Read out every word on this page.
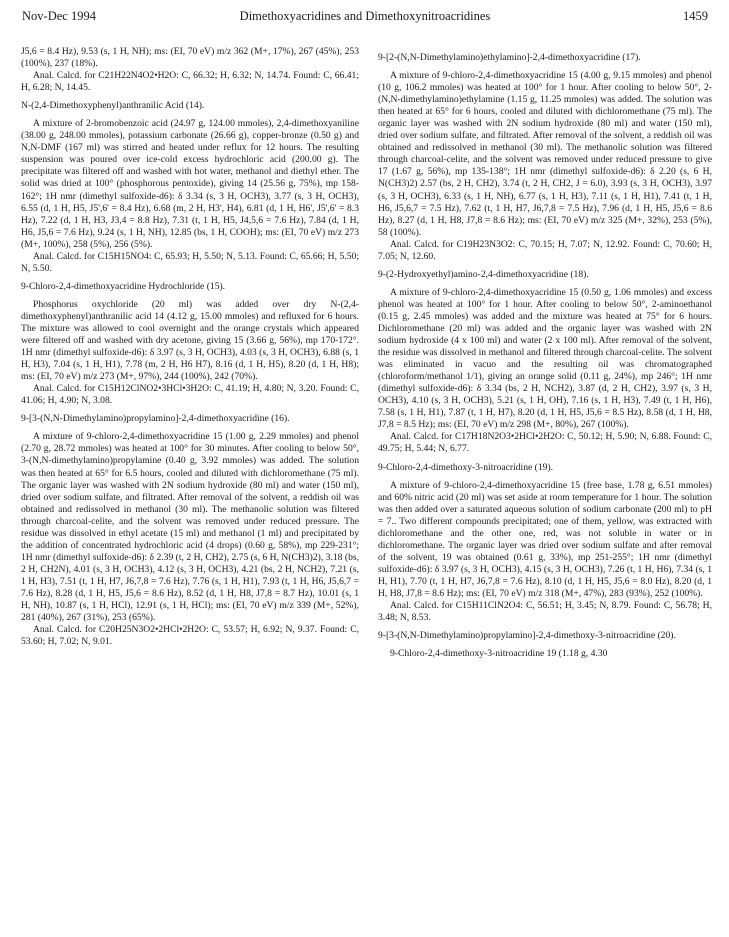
Nov-Dec 1994	Dimethoxyacridines and Dimethoxynitroacridines	1459

J5,6 = 8.4 Hz), 9.53 (s, 1 H, NH); ms: (EI, 70 eV) m/z 362 (M+, 17%), 267 (45%), 253 (100%), 237 (18%).

Anal. Calcd. for C21H22N4O2•H2O: C, 66.32; H, 6.32; N, 14.74. Found: C, 66.41; H, 6.28; N, 14.45.

N-(2,4-Dimethoxyphenyl)anthranilic Acid (14).

A mixture of 2-bromobenzoic acid (24.97 g, 124.00 mmoles), 2,4-dimethoxyaniline (38.00 g, 248.00 mmoles), potassium carbonate (26.66 g), copper-bronze (0.50 g) and N,N-DMF (167 ml) was stirred and heated under reflux for 12 hours. The resulting suspension was poured over ice-cold excess hydrochloric acid (200.00 g). The precipitate was filtered off and washed with hot water, methanol and diethyl ether. The solid was dried at 100° (phosphorous pentoxide), giving 14 (25.56 g, 75%), mp 158-162°; 1H nmr (dimethyl sulfoxide-d6): δ 3.34 (s, 3 H, OCH3), 3.77 (s, 3 H, OCH3), 6.55 (d, 1 H, H5, J5',6' = 8.4 Hz), 6.68 (m, 2 H, H3', H4), 6.81 (d, 1 H, H6', J5',6' = 8.3 Hz), 7.22 (d, 1 H, H3, J3,4 = 8.8 Hz), 7.31 (t, 1 H, H5, J4,5,6 = 7.6 Hz), 7.84 (d, 1 H, H6, J5,6 = 7.6 Hz), 9.24 (s, 1 H, NH), 12.85 (bs, 1 H, COOH); ms: (EI, 70 eV) m/z 273 (M+, 100%), 258 (5%), 256 (5%).

Anal. Calcd. for C15H15NO4: C, 65.93; H, 5.50; N, 5.13. Found: C, 65.66; H, 5.50; N, 5.50.

9-Chloro-2,4-dimethoxyacridine Hydrochloride (15).

Phosphorus oxychloride (20 ml) was added over dry N-(2,4-dimethoxyphenyl)anthranilic acid 14 (4.12 g, 15.00 mmoles) and refluxed for 6 hours. The mixture was allowed to cool overnight and the orange crystals which appeared were filtered off and washed with dry acetone, giving 15 (3.66 g, 56%), mp 170-172°. 1H nmr (dimethyl sulfoxide-d6): δ 3.97 (s, 3 H, OCH3), 4.03 (s, 3 H, OCH3), 6.88 (s, 1 H, H3), 7.04 (s, 1 H, H1), 7.78 (m, 2 H, H6 H7), 8.16 (d, 1 H, H5), 8.20 (d, 1 H, H8); ms: (EI, 70 eV) m/z 273 (M+, 97%), 244 (100%), 242 (70%).

Anal. Calcd. for C15H12ClNO2•3HCl•3H2O: C, 41.19; H, 4.80; N, 3.20. Found: C, 41.06; H, 4.90; N, 3.08.

9-[3-(N,N-Dimethylamino)propylamino]-2,4-dimethoxyacridine (16).

A mixture of 9-chloro-2,4-dimethoxyacridine 15 (1.00 g, 2.29 mmoles) and phenol (2.70 g, 28.72 mmoles) was heated at 100° for 30 minutes. After cooling to below 50°, 3-(N,N-dimethylamino)propylamine (0.40 g, 3.92 mmoles) was added. The solution was then heated at 65° for 6.5 hours, cooled and diluted with dichloromethane (75 ml). The organic layer was washed with 2N sodium hydroxide (80 ml) and water (150 ml), dried over sodium sulfate, and filtrated. After removal of the solvent, a reddish oil was obtained and redissolved in methanol (30 ml). The methanolic solution was filtered through charcoal-celite, and the solvent was removed under reduced pressure. The residue was dissolved in ethyl acetate (15 ml) and methanol (1 ml) and precipitated by the addition of concentrated hydrochloric acid (4 drops) (0.60 g, 58%), mp 229-231°; 1H nmr (dimethyl sulfoxide-d6): δ 2.39 (t, 2 H, CH2), 2.75 (s, 6 H, N(CH3)2), 3.18 (bs, 2 H, CH2N), 4.01 (s, 3 H, OCH3), 4.12 (s, 3 H, OCH3), 4.21 (bs, 2 H, NCH2), 7.21 (s, 1 H, H3), 7.51 (t, 1 H, H7, J6,7,8 = 7.6 Hz), 7.76 (s, 1 H, H1), 7.93 (t, 1 H, H6, J5,6,7 = 7.6 Hz), 8.28 (d, 1 H, H5, J5,6 = 8.6 Hz), 8.52 (d, 1 H, H8, J7,8 = 8.7 Hz), 10.01 (s, 1 H, NH), 10.87 (s, 1 H, HCl), 12.91 (s, 1 H, HCl); ms: (EI, 70 eV) m/z 339 (M+, 52%), 281 (40%), 267 (31%), 253 (65%).

Anal. Calcd. for C20H25N3O2•2HCl•2H2O: C, 53.57; H, 6.92; N, 9.37. Found: C, 53.60; H, 7.02; N, 9.01.

9-[2-(N,N-Dimethylamino)ethylamino]-2,4-dimethoxyacridine (17).

A mixture of 9-chloro-2,4-dimethoxyacridine 15 (4.00 g, 9.15 mmoles) and phenol (10 g, 106.2 mmoles) was heated at 100° for 1 hour. After cooling to below 50°, 2-(N,N-dimethylamino)ethylamine (1.15 g, 11.25 mmoles) was added. The solution was then heated at 65° for 6 hours, cooled and diluted with dichloromethane (75 ml). The organic layer was washed with 2N sodium hydroxide (80 ml) and water (150 ml), dried over sodium sulfate, and filtrated. After removal of the solvent, a reddish oil was obtained and redissolved in methanol (30 ml). The methanolic solution was filtered through charcoal-celite, and the solvent was removed under reduced pressure to give 17 (1.67 g, 56%), mp 135-138°; 1H nmr (dimethyl sulfoxide-d6): δ 2.20 (s, 6 H, N(CH3)2) 2.57 (bs, 2 H, CH2), 3.74 (t, 2 H, CH2, J = 6.0), 3.93 (s, 3 H, OCH3), 3.97 (s, 3 H, OCH3), 6.33 (s, 1 H, NH), 6.77 (s, 1 H, H3), 7.11 (s, 1 H, H1), 7.41 (t, 1 H, H6, J5,6,7 = 7.5 Hz), 7.62 (t, 1 H, H7, J6,7,8 = 7.5 Hz), 7.96 (d, 1 H, H5, J5,6 = 8.6 Hz), 8.27 (d, 1 H, H8, J7,8 = 8.6 Hz); ms: (EI, 70 eV) m/z 325 (M+, 32%), 253 (5%), 58 (100%).

Anal. Calcd. for C19H23N3O2: C, 70.15; H, 7.07; N, 12.92. Found: C, 70.60; H, 7.05; N, 12.60.

9-(2-Hydroxyethyl)amino-2,4-dimethoxyacridine (18).

A mixture of 9-chloro-2,4-dimethoxyacridine 15 (0.50 g, 1.06 mmoles) and excess phenol was heated at 100° for 1 hour. After cooling to below 50°, 2-aminoethanol (0.15 g, 2.45 mmoles) was added and the mixture was heated at 75° for 6 hours. Dichloromethane (20 ml) was added and the organic layer was washed with 2N sodium hydroxide (4 x 100 ml) and water (2 x 100 ml). After removal of the solvent, the residue was dissolved in methanol and filtered through charcoal-celite. The solvent was eliminated in vacuo and the resulting oil was chromatographed (chloroform/methanol 1/1), giving an orange solid (0.11 g, 24%), mp 246°; 1H nmr (dimethyl sulfoxide-d6): δ 3.34 (bs, 2 H, NCH2), 3.87 (d, 2 H, CH2), 3.97 (s, 3 H, OCH3), 4.10 (s, 3 H, OCH3), 5.21 (s, 1 H, OH), 7.16 (s, 1 H, H3), 7.49 (t, 1 H, H6), 7.58 (s, 1 H, H1), 7.87 (t, 1 H, H7), 8.20 (d, 1 H, H5, J5,6 = 8.5 Hz), 8.58 (d, 1 H, H8, J7,8 = 8.5 Hz); ms: (EI, 70 eV) m/z 298 (M+, 80%), 267 (100%).

Anal. Calcd. for C17H18N2O3•2HCl•2H2O: C, 50.12; H, 5.90; N, 6.88. Found: C, 49.75; H, 5.44; N, 6.77.

9-Chloro-2,4-dimethoxy-3-nitroacridine (19).

A mixture of 9-chloro-2,4-dimethoxyacridine 15 (free base, 1.78 g, 6.51 mmoles) and 60% nitric acid (20 ml) was set aside at room temperature for 1 hour. The solution was then added over a saturated aqueous solution of sodium carbonate (200 ml) to pH = 7.. Two different compounds precipitated; one of them, yellow, was extracted with dichloromethane and the other one, red, was not soluble in water or in dichloromethane. The organic layer was dried over sodium sulfate and after removal of the solvent, 19 was obtained (0.61 g, 33%), mp 251-255°; 1H nmr (dimethyl sulfoxide-d6): δ 3.97 (s, 3 H, OCH3), 4.15 (s, 3 H, OCH3), 7.26 (t, 1 H, H6), 7.34 (s, 1 H, H1), 7.70 (t, 1 H, H7, J6,7,8 = 7.6 Hz), 8.10 (d, 1 H, H5, J5,6 = 8.0 Hz), 8.20 (d, 1 H, H8, J7,8 = 8.6 Hz); ms: (EI, 70 eV) m/z 318 (M+, 47%), 283 (93%), 252 (100%).

Anal. Calcd. for C15H11ClN2O4: C, 56.51; H, 3.45; N, 8.79. Found: C, 56.78; H, 3.48; N, 8.53.

9-[3-(N,N-Dimethylamino)propylamino]-2,4-dimethoxy-3-nitroacridine (20).

9-Chloro-2,4-dimethoxy-3-nitroacridine 19 (1.18 g, 4.30
